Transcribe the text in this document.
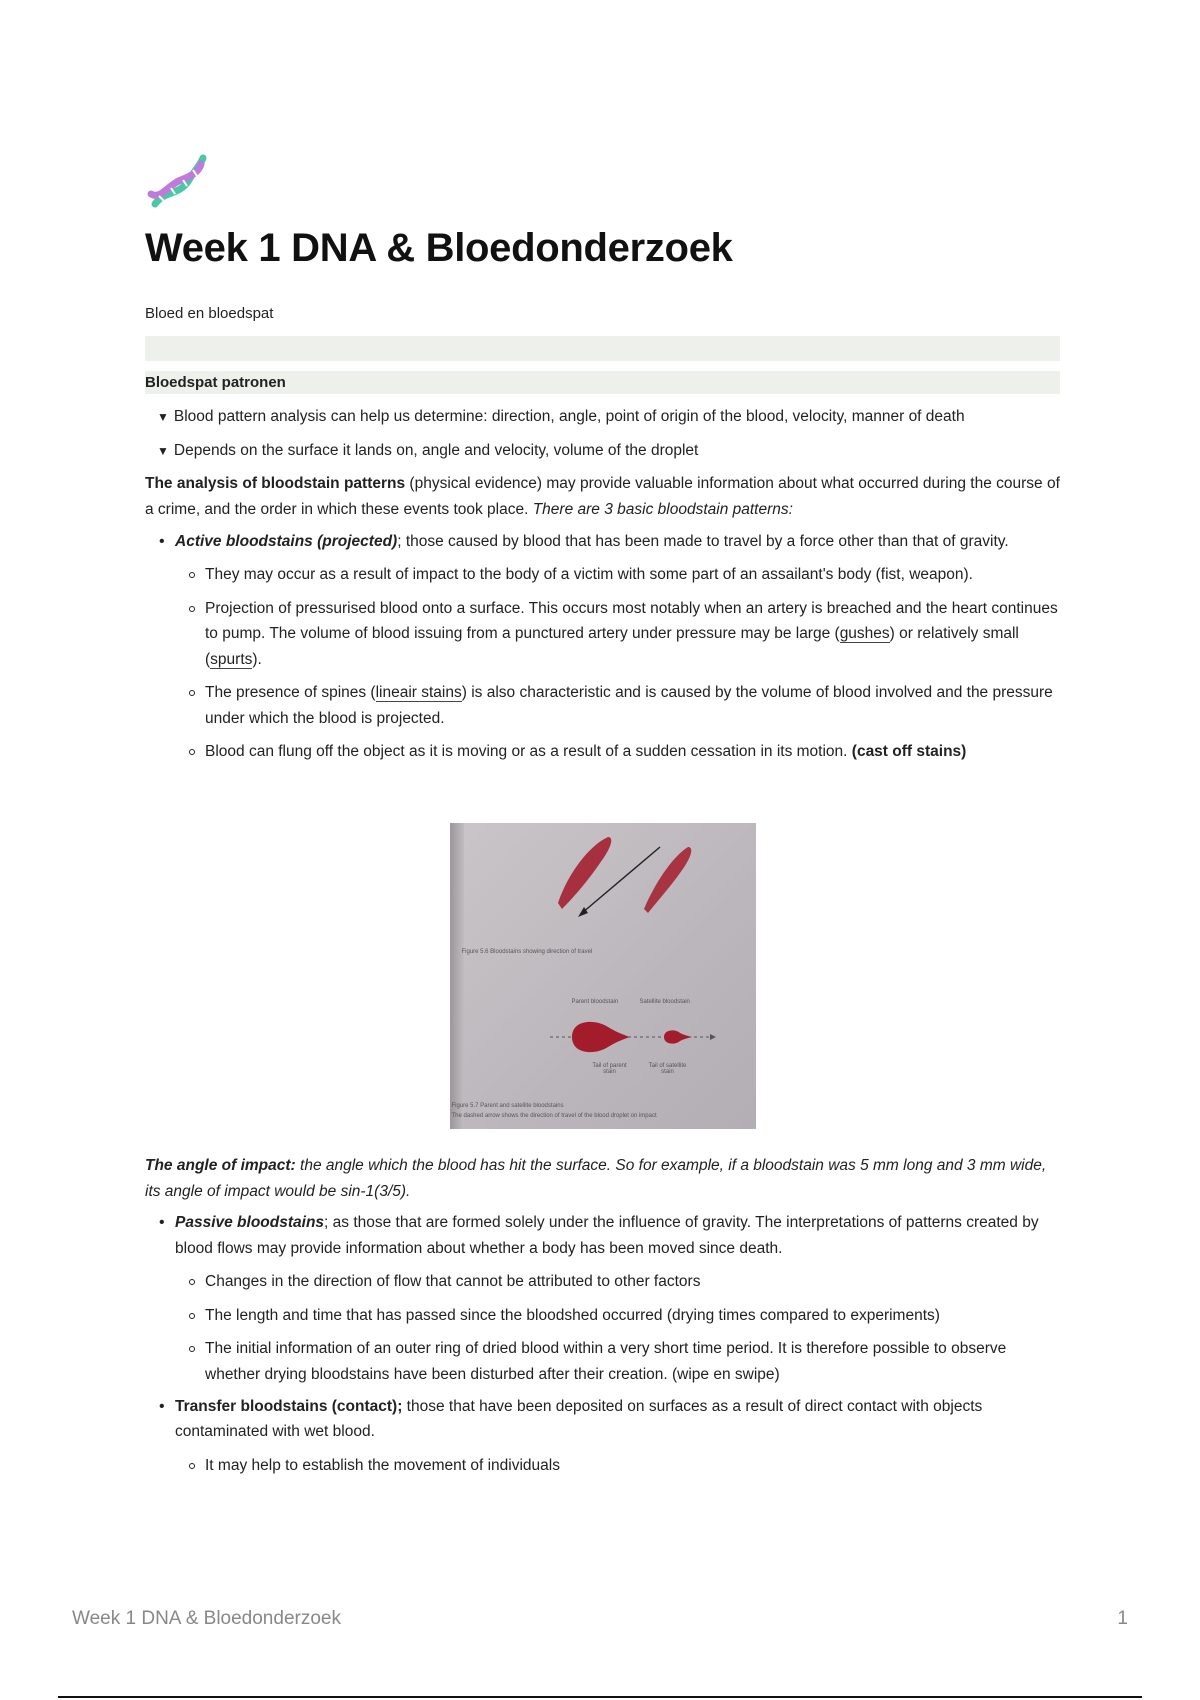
Week 1 DNA & Bloedonderzoek
Bloed en bloedspat
Bloedspat patronen
▼ Blood pattern analysis can help us determine: direction, angle, point of origin of the blood, velocity, manner of death
▼ Depends on the surface it lands on, angle and velocity, volume of the droplet

The analysis of bloodstain patterns (physical evidence) may provide valuable information about what occurred during the course of a crime, and the order in which these events took place. There are 3 basic bloodstain patterns:

• Active bloodstains (projected); those caused by blood that has been made to travel by a force other than that of gravity.
They may occur as a result of impact to the body of a victim with some part of an assailant's body (fist, weapon).
Projection of pressurised blood onto a surface. This occurs most notably when an artery is breached and the heart continues to pump. The volume of blood issuing from a punctured artery under pressure may be large (gushes) or relatively small (spurts).
The presence of spines (lineair stains) is also characteristic and is caused by the volume of blood involved and the pressure under which the blood is projected.
Blood can flung off the object as it is moving or as a result of a sudden cessation in its motion. (cast off stains)
Figure 5.6 Bloodstains showing direction of travel
Parent bloodstain	Satellite bloodstain
Tail of parent stain
Tail of satellite stain
Figure 5.7 Parent and satellite bloodstains
The dashed arrow shows the direction of travel of the blood droplet on impact

The angle of impact: the angle which the blood has hit the surface. So for example, if a bloodstain was 5 mm long and 3 mm wide, its angle of impact would be sin-1(3/5).

• Passive bloodstains; as those that are formed solely under the influence of gravity. The interpretations of patterns created by blood flows may provide information about whether a body has been moved since death.
Changes in the direction of flow that cannot be attributed to other factors
The length and time that has passed since the bloodshed occurred (drying times compared to experiments)
The initial information of an outer ring of dried blood within a very short time period. It is therefore possible to observe whether drying bloodstains have been disturbed after their creation. (wipe en swipe)
• Transfer bloodstains (contact); those that have been deposited on surfaces as a result of direct contact with objects contaminated with wet blood.
It may help to establish the movement of individuals
Week 1 DNA & Bloedonderzoek	1
